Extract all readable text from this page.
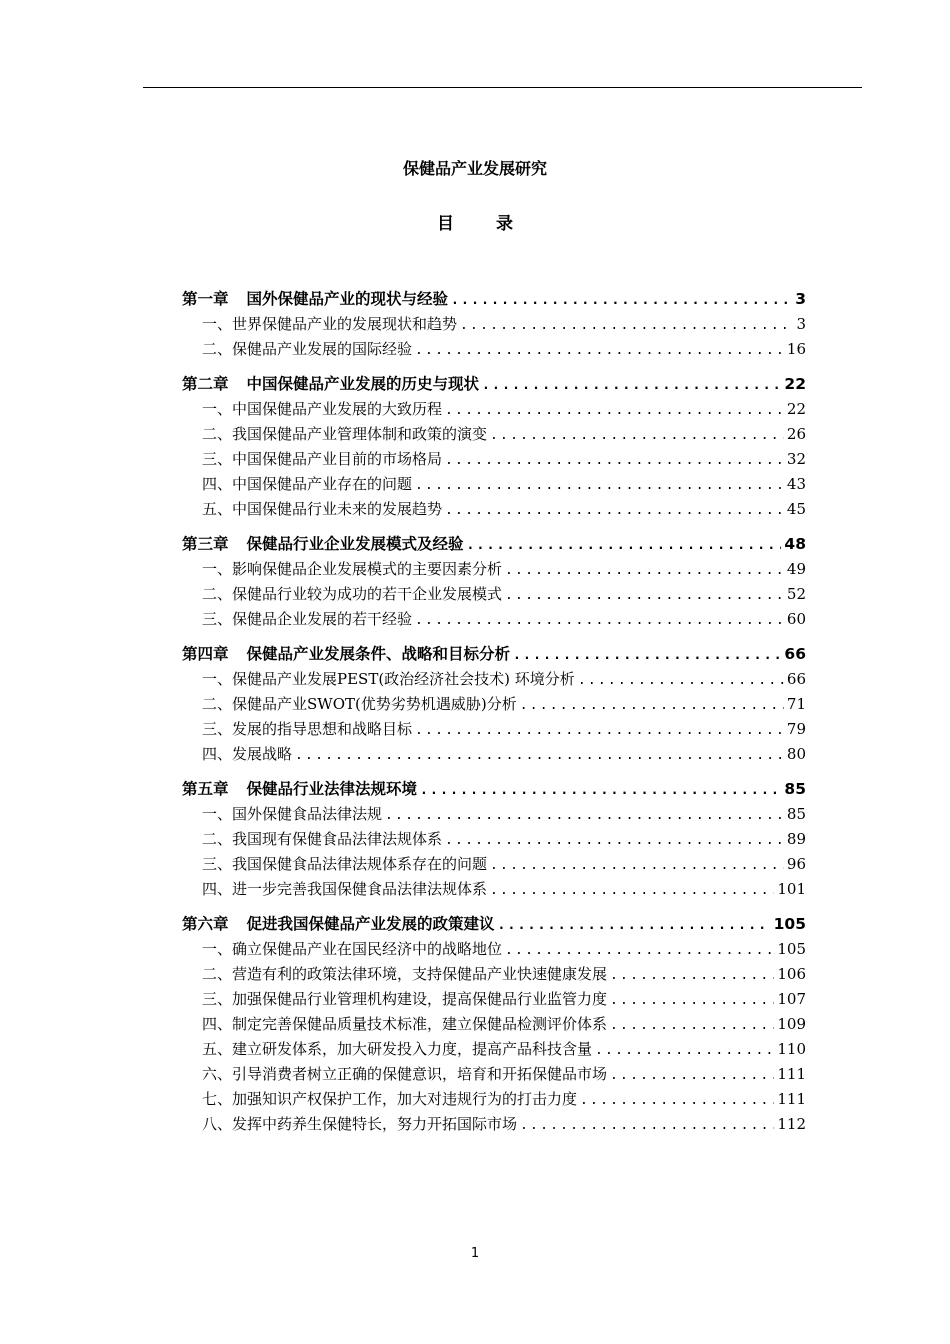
保健品产业发展研究
目 录
第一章 国外保健品产业的现状与经验 .....	3
一、世界保健品产业的发展现状和趋势 .....	3
二、保健品产业发展的国际经验 .....	16
第二章 中国保健品产业发展的历史与现状 .....	22
一、中国保健品产业发展的大致历程 .....	22
二、我国保健品产业管理体制和政策的演变 .....	26
三、中国保健品产业目前的市场格局 .....	32
四、中国保健品产业存在的问题 .....	43
五、中国保健品行业未来的发展趋势 .....	45
第三章 保健品行业企业发展模式及经验 .....	48
一、影响保健品企业发展模式的主要因素分析 .....	49
二、保健品行业较为成功的若干企业发展模式 .....	52
三、保健品企业发展的若干经验 .....	60
第四章 保健品产业发展条件、战略和目标分析 .....	66
一、保健品产业发展PEST(政治经济社会技术) 环境分析 .....	66
二、保健品产业SWOT(优势劣势机遇威胁)分析 .....	71
三、发展的指导思想和战略目标 .....	79
四、发展战略 .....	80
第五章 保健品行业法律法规环境 .....	85
一、国外保健食品法律法规 .....	85
二、我国现有保健食品法律法规体系 .....	89
三、我国保健食品法律法规体系存在的问题 .....	96
四、进一步完善我国保健食品法律法规体系 .....	101
第六章 促进我国保健品产业发展的政策建议 .....	105
一、确立保健品产业在国民经济中的战略地位 .....	105
二、营造有利的政策法律环境，支持保健品产业快速健康发展 .....	106
三、加强保健品行业管理机构建设，提高保健品行业监管力度 .....	107
四、制定完善保健品质量技术标准，建立保健品检测评价体系 .....	109
五、建立研发体系，加大研发投入力度，提高产品科技含量 .....	110
六、引导消费者树立正确的保健意识，培育和开拓保健品市场 .....	111
七、加强知识产权保护工作，加大对违规行为的打击力度 .....	111
八、发挥中药养生保健特长，努力开拓国际市场 .....	112
1
